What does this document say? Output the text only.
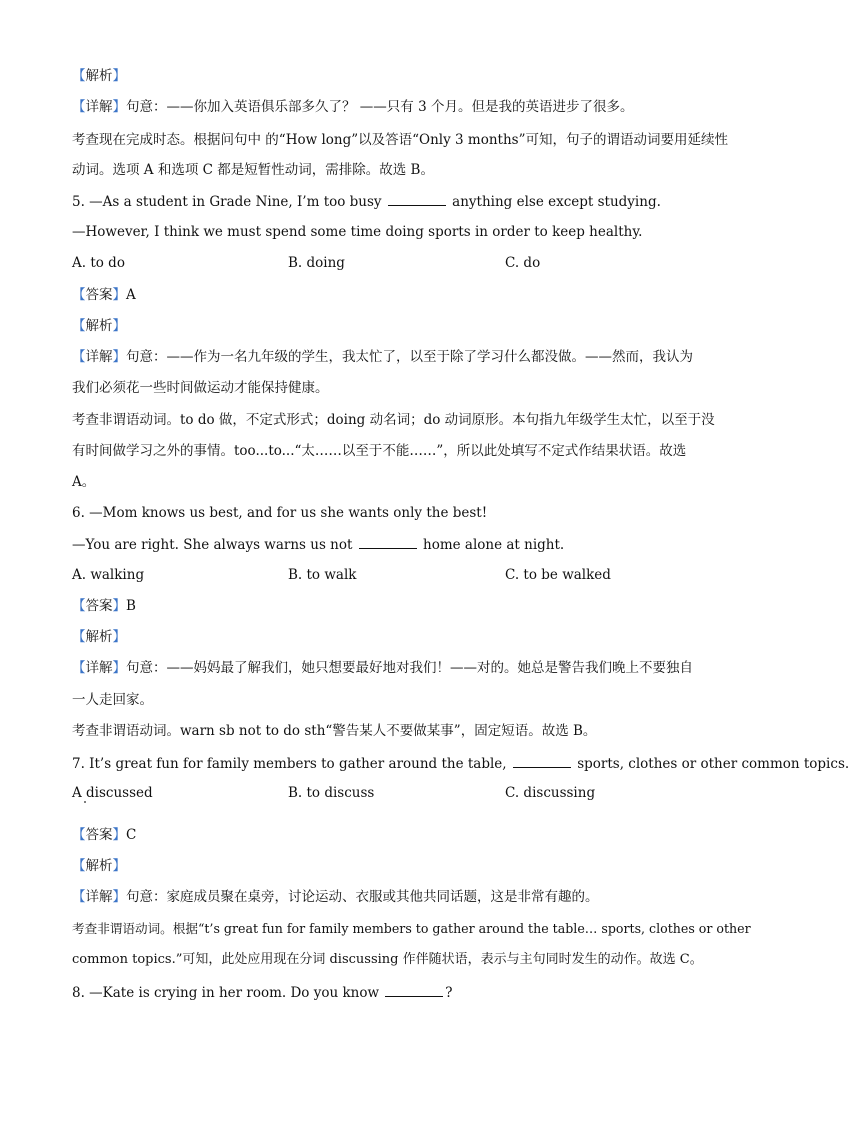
【解析】
【详解】句意：——你加入英语俱乐部多久了？ ——只有 3 个月。但是我的英语进步了很多。
考查现在完成时态。根据问句中 的“How long”以及答语“Only 3 months”可知，句子的谓语动词要用延续性
动词。选项 A 和选项 C 都是短暂性动词，需排除。故选 B。
5. —As a student in Grade Nine, I’m too busy	anything else except studying.
—However, I think we must spend some time doing sports in order to keep healthy.
A. to do	B. doing	C. do
【答案】A
【解析】
【详解】句意：——作为一名九年级的学生，我太忙了，以至于除了学习什么都没做。——然而，我认为
我们必须花一些时间做运动才能保持健康。
考查非谓语动词。to do 做，不定式形式；doing 动名词；do 动词原形。本句指九年级学生太忙，以至于没
有时间做学习之外的事情。too...to...“太……以至于不能……”，所以此处填写不定式作结果状语。故选
A。
6. —Mom knows us best, and for us she wants only the best!
—You are right. She always warns us not	home alone at night.
A. walking	B. to walk	C. to be walked
【答案】B
【解析】
【详解】句意：——妈妈最了解我们，她只想要最好地对我们！——对的。她总是警告我们晚上不要独自
一人走回家。
考查非谓语动词。warn sb not to do sth“警告某人不要做某事”，固定短语。故选 B。
7. It’s great fun for family members to gather around the table,	sports, clothes or other common topics.
A discussed	B. to discuss	C. discussing
【答案】C
【解析】
【详解】句意：家庭成员聚在桌旁，讨论运动、衣服或其他共同话题，这是非常有趣的。
考查非谓语动词。根据“t’s great fun for family members to gather around the table… sports, clothes or other
common topics.”可知，此处应用现在分词 discussing 作伴随状语，表示与主句同时发生的动作。故选 C。
8. —Kate is crying in her room. Do you know	?
